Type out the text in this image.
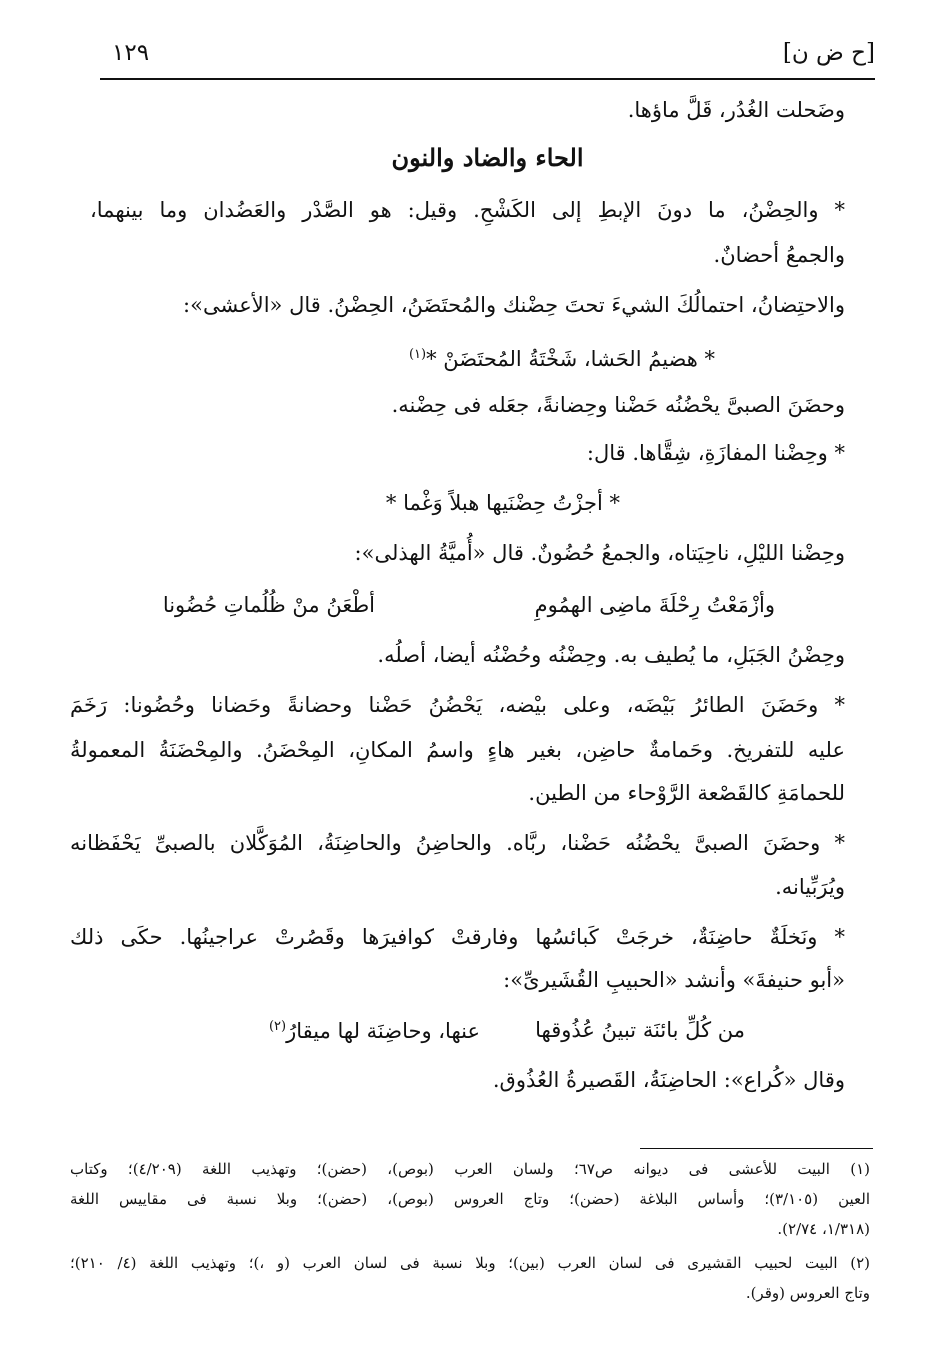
[ح ض ن]
١٢٩
وضَحلت الغُدُر، قَلَّ ماؤها.
الحاء والضاد والنون
* والحِضْنُ، ما دونَ الإبطِ إلى الكَشْحِ. وقيل: هو الصَّدْر والعَضُدان وما بينهما،
والجمعُ أحضانٌ.
والاحتِضانُ، احتمالُكَ الشيءَ تحتَ حِضْنك والمُحتَضَنُ، الحِضْنُ. قال «الأعشى»:
* هضيمُ الحَشا، شَخْتَةُ المُحتَضَنْ *$^{(١)}$
وحضَنَ الصبىَّ يحْضُنُه حَضْنا وحِضانةً، جعَله فى حِضْنه.
* وحِضْنا المفازَةِ، شِقَّاها. قال:
* أجزْتُ حِضْنَيها هبلاً وَغْما *
وحِضْنا الليْلِ، ناحِيَتاه، والجمعُ حُضُونٌ. قال «أُميَّةُ الهذلى»:
وأزْمَعْتُ رِحْلَةَ ماضِى الهمُومِ
أطْعَنُ منْ ظُلُماتِ حُضُونا
وحِضْنُ الجَبَلِ، ما يُطيف به. وحِضْنُه وحُضْنُه أيضا، أصلُه.
* وحَضَنَ الطائرُ بَيْضَه، وعلى بيْضه، يَحْضُنُ حَضْنا وحضانةً وحَضانا وحُضُونا: رَخَمَ
عليه للتفريخ. وحَمامةٌ حاضِن، بغير هاءٍ واسمُ المكانِ، المِحْضَنُ. والمِحْضَنَةُ المعمولةُ
للحمامَةِ كالقَصْعة الرَّوْحاء من الطين.
* وحضَنَ الصبىَّ يحْضُنُه حَضْنا، ربَّاه. والحاضِنُ والحاضِنَةُ، المُوَكَّلان بالصبىِّ يَحْفَظانه
ويُرَبِّيانه.
* ونَخلَةٌ حاضِنَةٌ، خرجَتْ كَبائسُها وفارقتْ كوافيرَها وقَصُرتْ عراجينُها. حكَى ذلك
«أبو حنيفةَ» وأنشد «الحبيبِ القُشَيرىِّ»:
من كُلِّ بائنَة تبينُ عُذُوقها
عنها، وحاضِنَة لها ميقارُ$^{(٢)}$
وقال «كُراع»: الحاضِنَةُ، القَصيرةُ العُذُوق.
(١) البيت للأعشى فى ديوانه ص٦٧؛ ولسان العرب (بوص)، (حضن)؛ وتهذيب اللغة (٤/٢٠٩)؛ وكتاب
العين (٣/١٠٥)؛ وأساس البلاغة (حضن)؛ وتاج العروس (بوص)، (حضن)؛ وبلا نسبة فى مقاييس اللغة
(١/٣١٨، ٢/٧٤).
(٢) البيت لحبيب القشيرى فى لسان العرب (بين)؛ وبلا نسبة فى لسان العرب (و ،)؛ وتهذيب اللغة (٤/ ٢١٠)؛
وتاج العروس (وقر).
